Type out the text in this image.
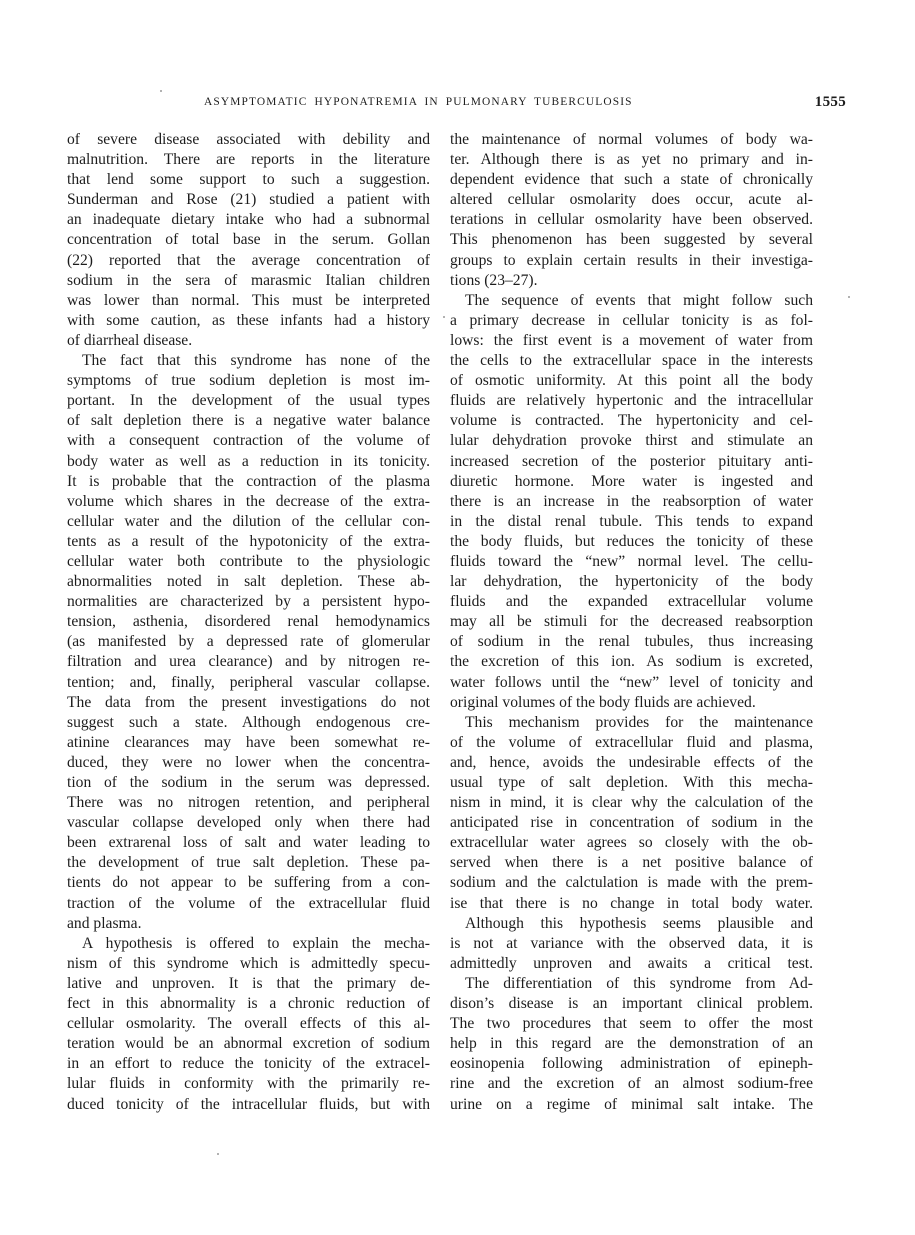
ASYMPTOMATIC HYPONATREMIA IN PULMONARY TUBERCULOSIS	1555
of severe disease associated with debility and
malnutrition. There are reports in the literature
that lend some support to such a suggestion.
Sunderman and Rose (21) studied a patient with
an inadequate dietary intake who had a subnormal
concentration of total base in the serum. Gollan
(22) reported that the average concentration of
sodium in the sera of marasmic Italian children
was lower than normal. This must be interpreted
with some caution, as these infants had a history
of diarrheal disease.
The fact that this syndrome has none of the
symptoms of true sodium depletion is most im-
portant. In the development of the usual types
of salt depletion there is a negative water balance
with a consequent contraction of the volume of
body water as well as a reduction in its tonicity.
It is probable that the contraction of the plasma
volume which shares in the decrease of the extra-
cellular water and the dilution of the cellular con-
tents as a result of the hypotonicity of the extra-
cellular water both contribute to the physiologic
abnormalities noted in salt depletion. These ab-
normalities are characterized by a persistent hypo-
tension, asthenia, disordered renal hemodynamics
(as manifested by a depressed rate of glomerular
filtration and urea clearance) and by nitrogen re-
tention; and, finally, peripheral vascular collapse.
The data from the present investigations do not
suggest such a state. Although endogenous cre-
atinine clearances may have been somewhat re-
duced, they were no lower when the concentra-
tion of the sodium in the serum was depressed.
There was no nitrogen retention, and peripheral
vascular collapse developed only when there had
been extrarenal loss of salt and water leading to
the development of true salt depletion. These pa-
tients do not appear to be suffering from a con-
traction of the volume of the extracellular fluid
and plasma.
A hypothesis is offered to explain the mecha-
nism of this syndrome which is admittedly specu-
lative and unproven. It is that the primary de-
fect in this abnormality is a chronic reduction of
cellular osmolarity. The overall effects of this al-
teration would be an abnormal excretion of sodium
in an effort to reduce the tonicity of the extracel-
lular fluids in conformity with the primarily re-
duced tonicity of the intracellular fluids, but with
the maintenance of normal volumes of body wa-
ter. Although there is as yet no primary and in-
dependent evidence that such a state of chronically
altered cellular osmolarity does occur, acute al-
terations in cellular osmolarity have been observed.
This phenomenon has been suggested by several
groups to explain certain results in their investiga-
tions (23–27).
The sequence of events that might follow such
a primary decrease in cellular tonicity is as fol-
lows: the first event is a movement of water from
the cells to the extracellular space in the interests
of osmotic uniformity. At this point all the body
fluids are relatively hypertonic and the intracellular
volume is contracted. The hypertonicity and cel-
lular dehydration provoke thirst and stimulate an
increased secretion of the posterior pituitary anti-
diuretic hormone. More water is ingested and
there is an increase in the reabsorption of water
in the distal renal tubule. This tends to expand
the body fluids, but reduces the tonicity of these
fluids toward the “new” normal level. The cellu-
lar dehydration, the hypertonicity of the body
fluids and the expanded extracellular volume
may all be stimuli for the decreased reabsorption
of sodium in the renal tubules, thus increasing
the excretion of this ion. As sodium is excreted,
water follows until the “new” level of tonicity and
original volumes of the body fluids are achieved.
This mechanism provides for the maintenance
of the volume of extracellular fluid and plasma,
and, hence, avoids the undesirable effects of the
usual type of salt depletion. With this mecha-
nism in mind, it is clear why the calculation of the
anticipated rise in concentration of sodium in the
extracellular water agrees so closely with the ob-
served when there is a net positive balance of
sodium and the calctulation is made with the prem-
ise that there is no change in total body water.
Although this hypothesis seems plausible and
is not at variance with the observed data, it is
admittedly unproven and awaits a critical test.
The differentiation of this syndrome from Ad-
dison’s disease is an important clinical problem.
The two procedures that seem to offer the most
help in this regard are the demonstration of an
eosinopenia following administration of epineph-
rine and the excretion of an almost sodium-free
urine on a regime of minimal salt intake. The
